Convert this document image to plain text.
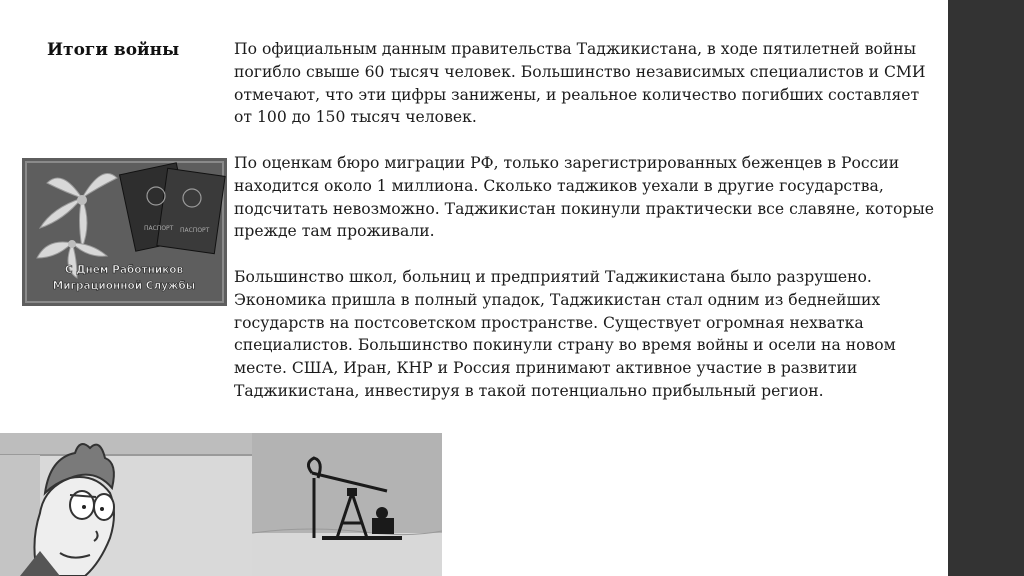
Итоги войны	По официальным данным правительства Таджикистана, в ходе пятилетней войны погибло свыше 60 тысяч человек. Большинство независимых специалистов и СМИ отмечают, что эти цифры занижены, и реальное количество погибших составляет от 100 до 150 тысяч человек.

По оценкам бюро миграции РФ, только зарегистрированных беженцев в России находится около 1 миллиона. Сколько таджиков уехали в другие государства, подсчитать невозможно. Таджикистан покинули практически все славяне, которые прежде там проживали.

Большинство школ, больниц и предприятий Таджикистана было разрушено. Экономика пришла в полный упадок, Таджикистан стал одним из беднейших государств на постсоветском пространстве. Существует огромная нехватка специалистов. Большинство покинули страну во время войны и осели на новом месте. США, Иран, КНР и Россия принимают активное участие в развитии Таджикистана, инвестируя в такой потенциально прибыльный регион.

ПАСПОРТ ПАСПОРТ
С Днем Работников
Миграционной Службы
